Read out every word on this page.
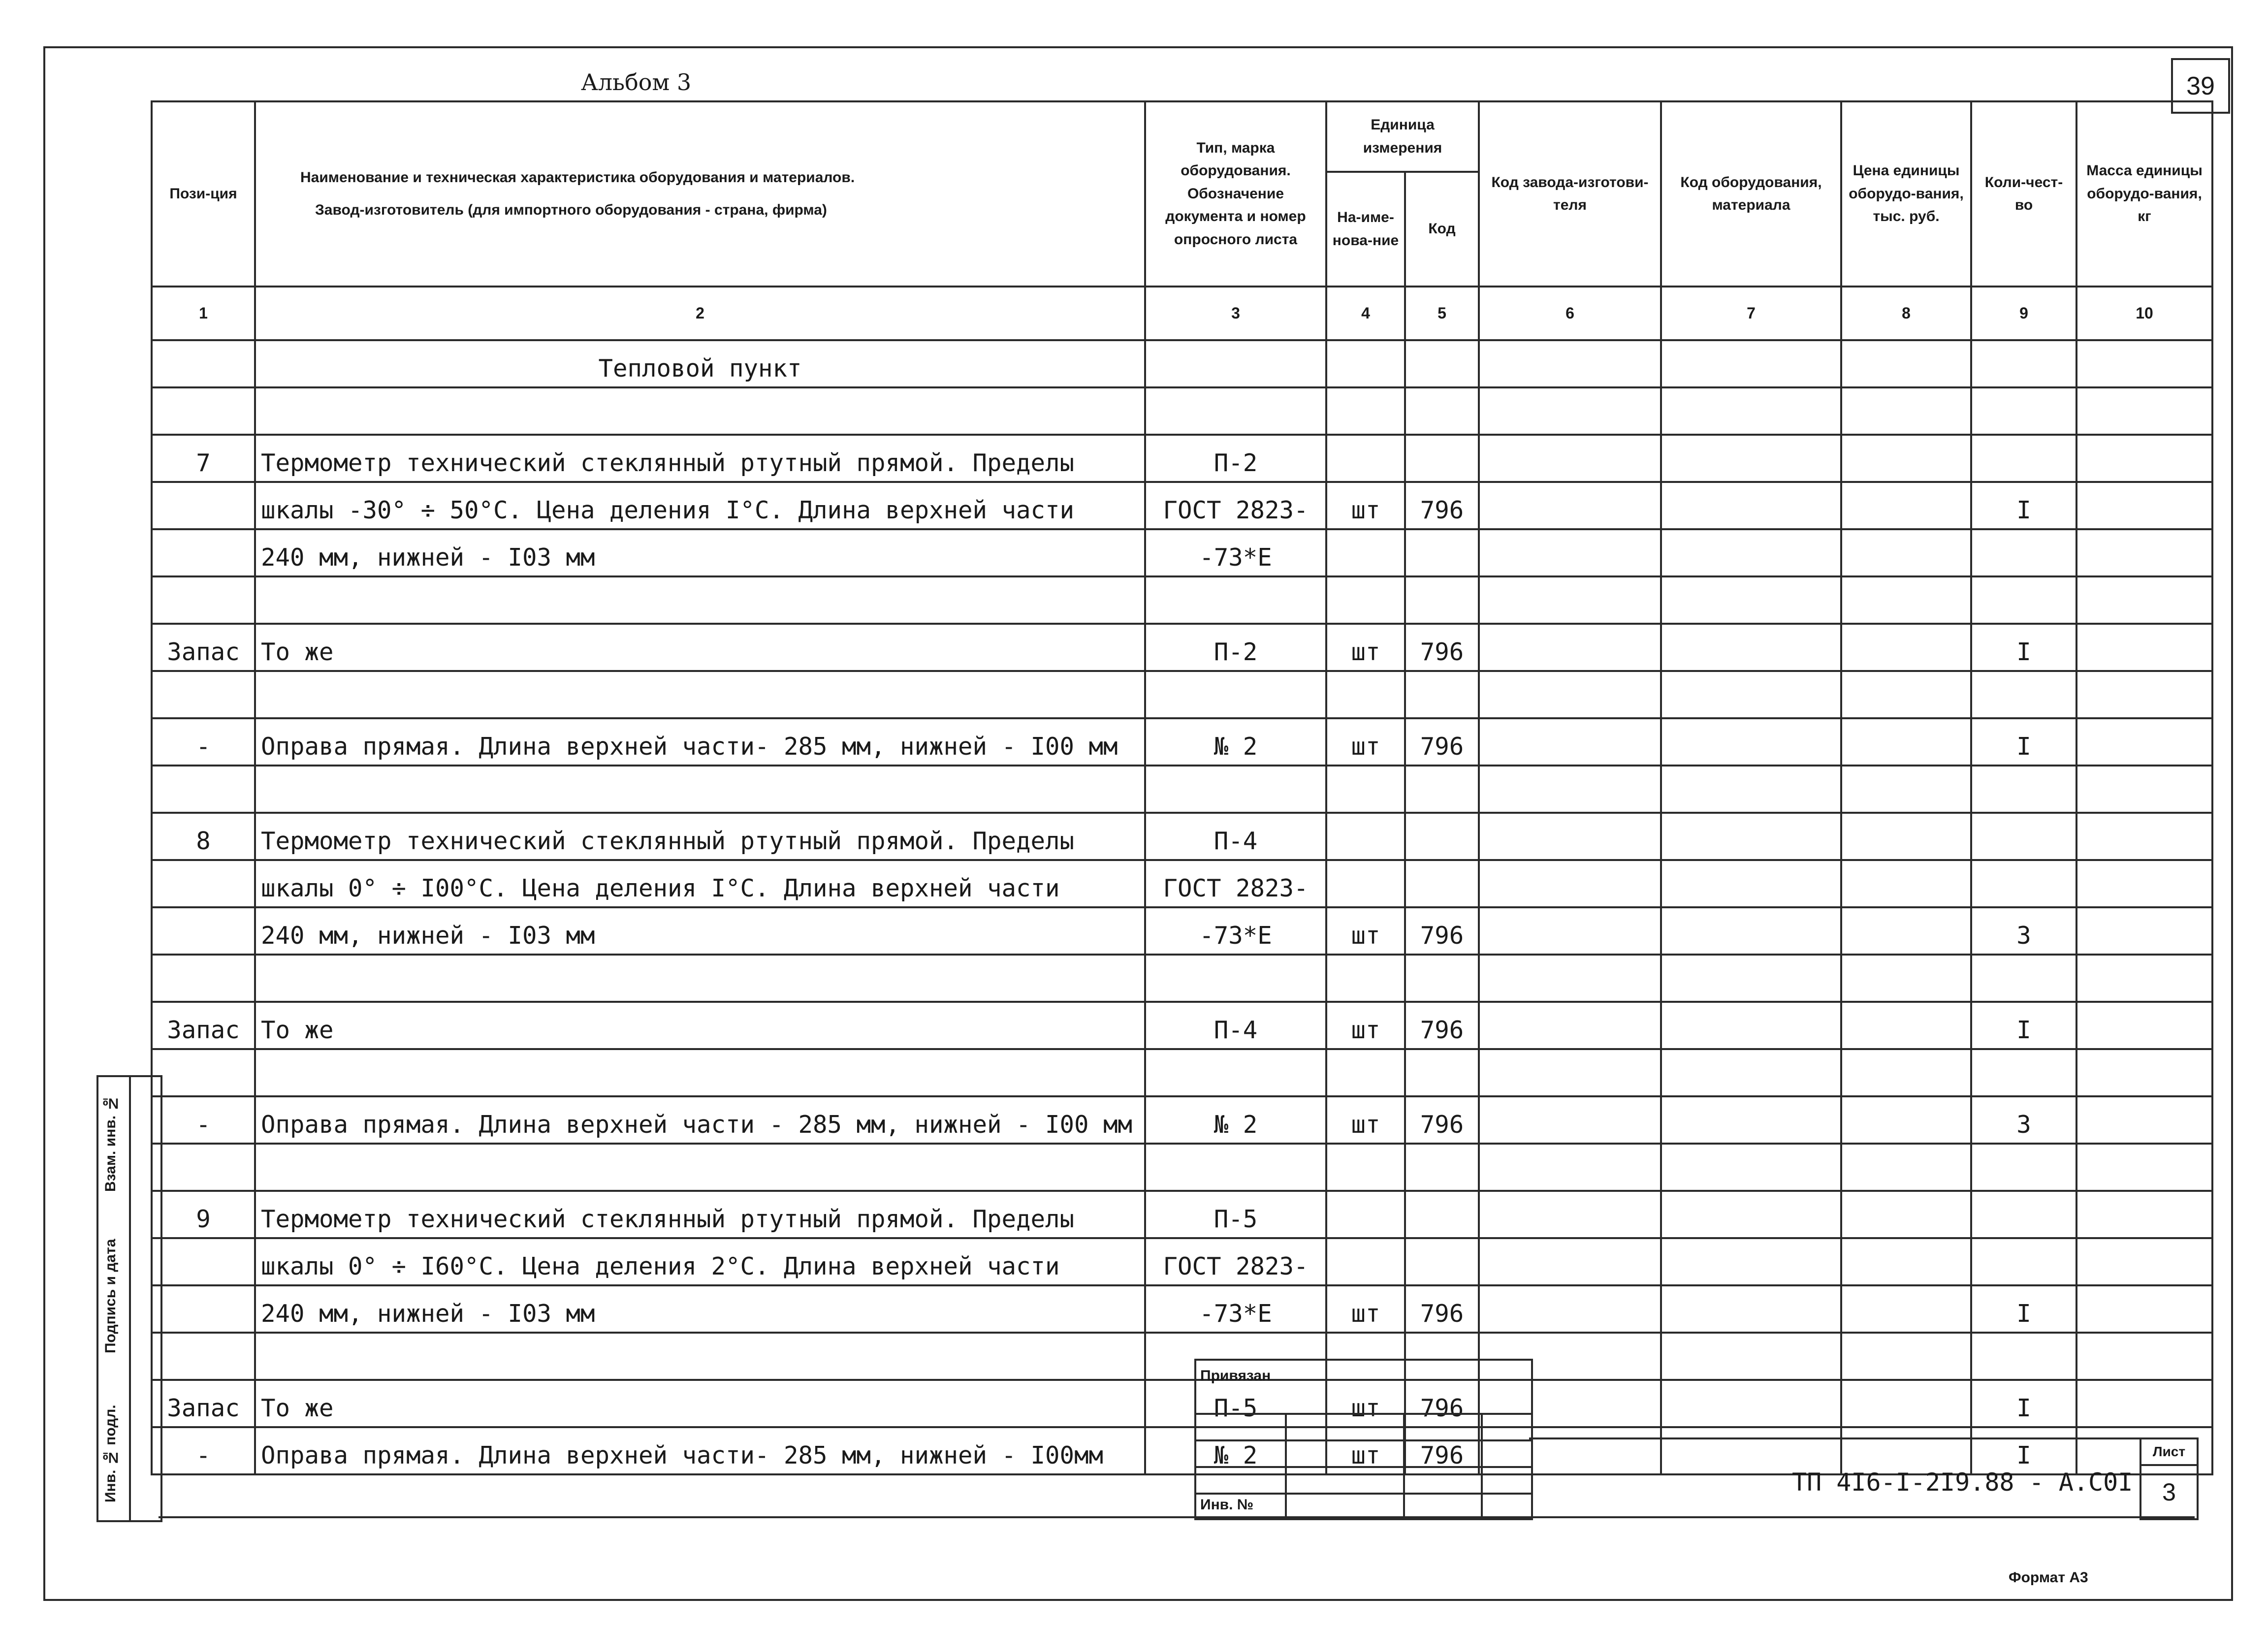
Альбом 3	39
Пози-ция	Наименование и техническая характеристика оборудования и материалов.
Завод-изготовитель (для импортного оборудования - страна, фирма)	Тип, марка оборудования. Обозначение документа и номер опросного листа	Единица измерения		Код завода-изготови-теля	Код оборудования, материала	Цена единицы оборудо-вания, тыс. руб.	Коли-чест-во	Масса единицы оборудо-вания, кг
			На-име-нова-ние	Код					
1	2	3	4	5	6	7	8	9	10
	Тепловой пункт								

7	Термометр технический стеклянный ртутный прямой. Пределы	П-2							
	шкалы -30° ÷ 50°С. Цена деления I°С. Длина верхней части	ГОСТ 2823-	шт	796				I	
	240 мм, нижней - I03 мм	-73*Е							

Запас	То же	П-2	шт	796				I	

-	Оправа прямая. Длина верхней части- 285 мм, нижней - I00 мм	№ 2	шт	796				I	

8	Термометр технический стеклянный ртутный прямой. Пределы	П-4							
	шкалы 0° ÷ I00°С. Цена деления I°С. Длина верхней части	ГОСТ 2823-							
	240 мм, нижней - I03 мм	-73*Е	шт	796				3	

Запас	То же	П-4	шт	796				I	

-	Оправа прямая. Длина верхней части - 285 мм, нижней - I00 мм	№ 2	шт	796				3	

9	Термометр технический стеклянный ртутный прямой. Пределы	П-5							
	шкалы 0° ÷ I60°С. Цена деления 2°С. Длина верхней части	ГОСТ 2823-							
	240 мм, нижней - I03 мм	-73*Е	шт	796				I	

Запас	То же	П-5	шт	796				I	
-	Оправа прямая. Длина верхней части- 285 мм, нижней - I00мм	№ 2	шт	796				I	
Взам. инв. №
Подпись и дата
Инв. № подл.
Привязан
Инв. №
ТП 4I6-I-2I9.88 - А.С0I
Лист
3
Формат А3
